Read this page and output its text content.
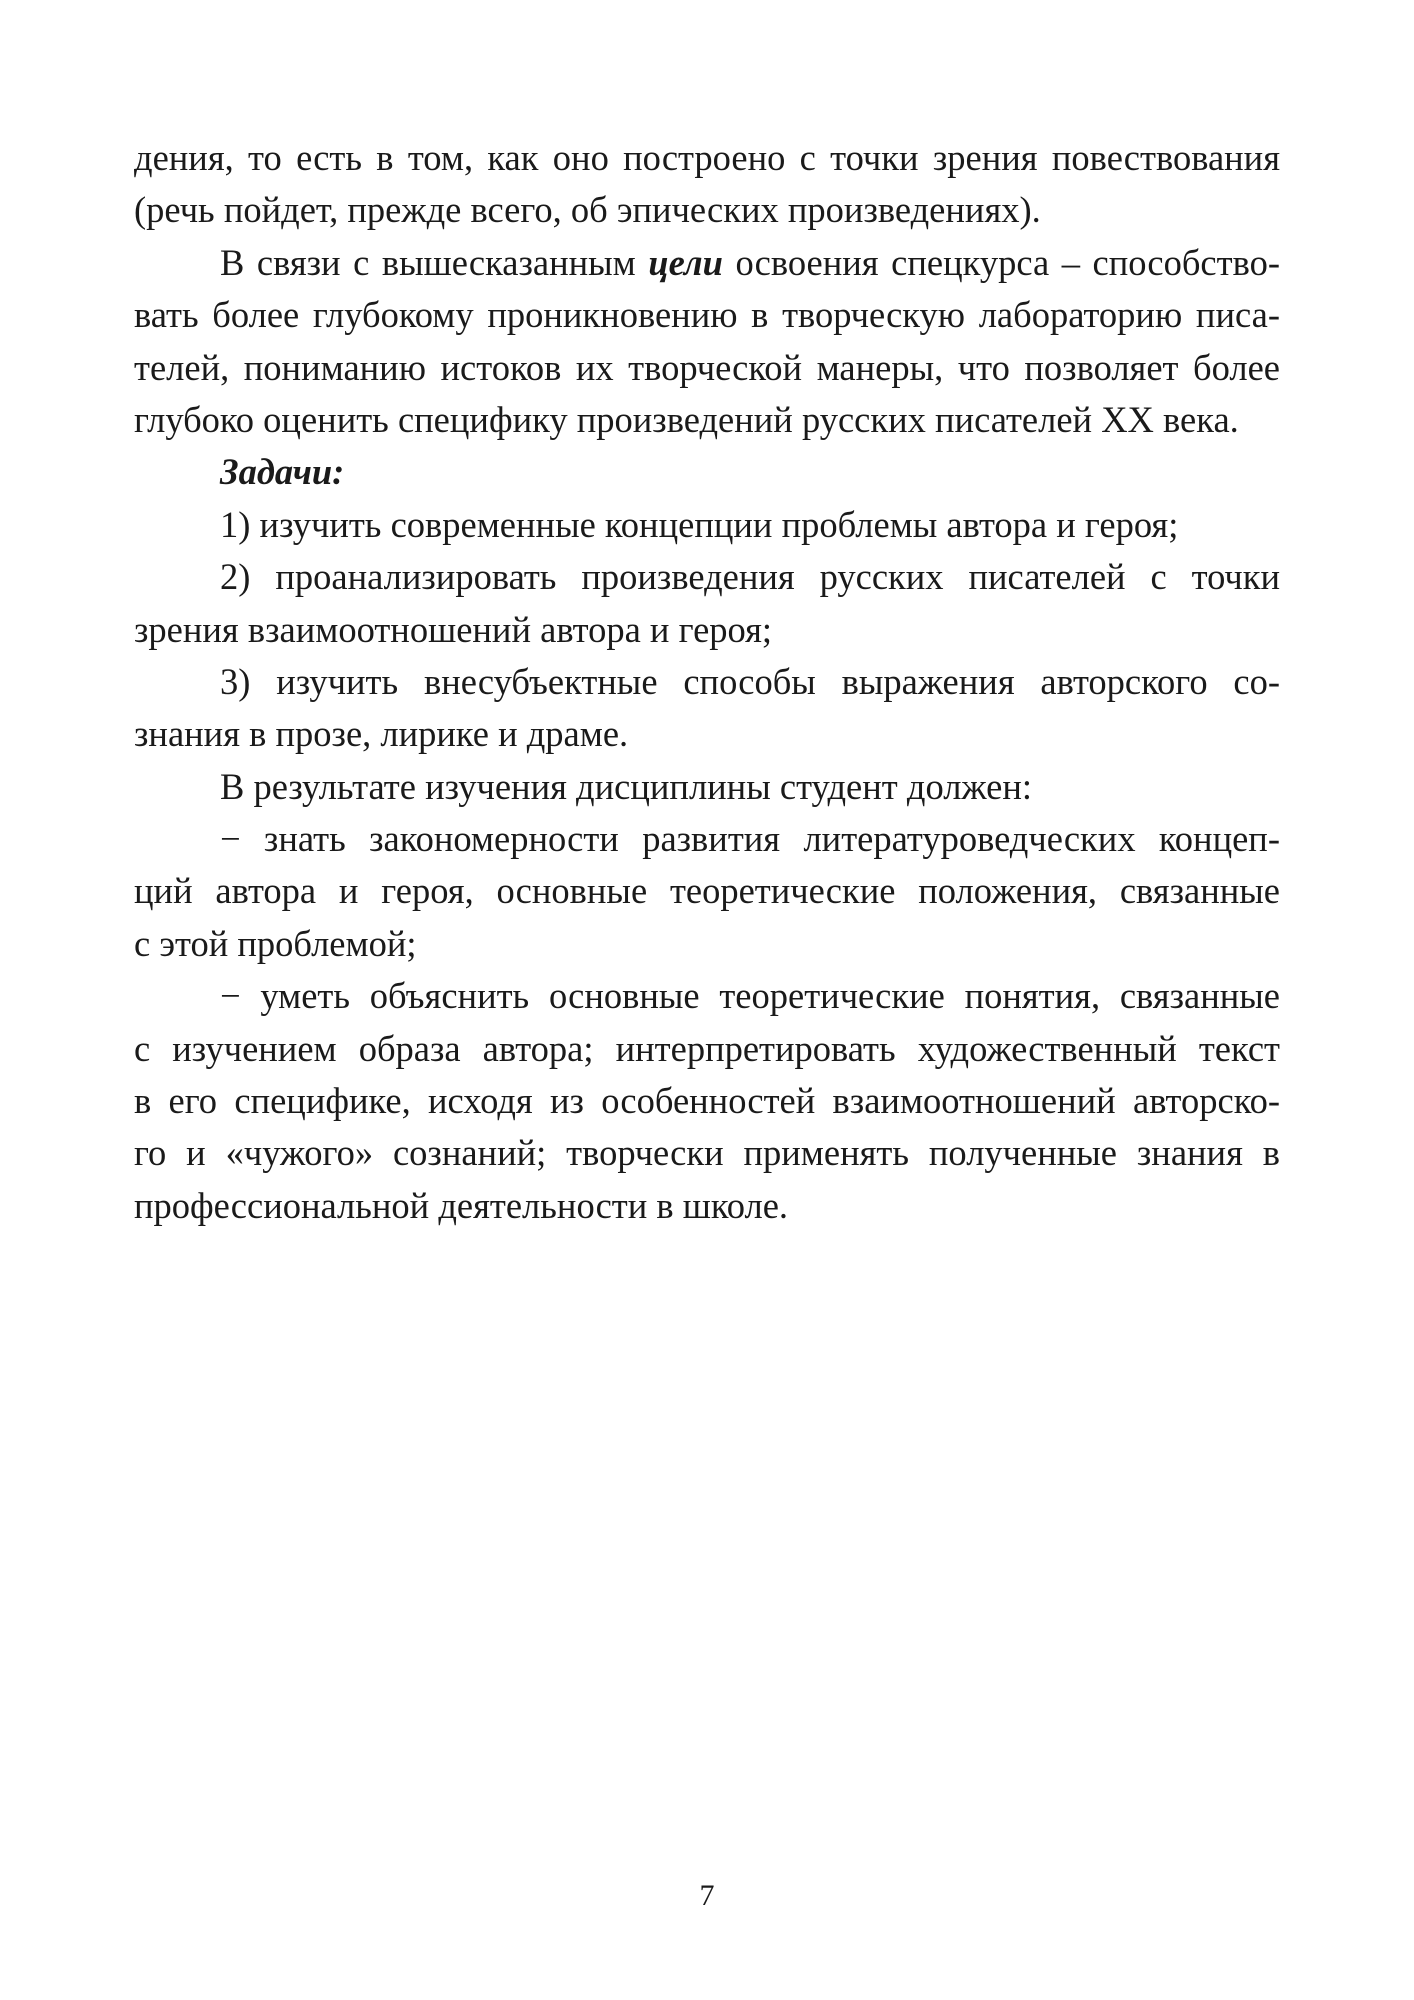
дения, то есть в том, как оно построено с точки зрения повествования
(речь пойдет, прежде всего, об эпических произведениях).
В связи с вышесказанным цели освоения спецкурса – способство-
вать более глубокому проникновению в творческую лабораторию писа-
телей, пониманию истоков их творческой манеры, что позволяет более
глубоко оценить специфику произведений русских писателей XX века.
Задачи:
1) изучить современные концепции проблемы автора и героя;
2) проанализировать произведения русских писателей с точки
зрения взаимоотношений автора и героя;
3) изучить внесубъектные способы выражения авторского со-
знания в прозе, лирике и драме.
В результате изучения дисциплины студент должен:
− знать закономерности развития литературоведческих концеп-
ций автора и героя, основные теоретические положения, связанные
с этой проблемой;
− уметь объяснить основные теоретические понятия, связанные
с изучением образа автора; интерпретировать художественный текст
в его специфике, исходя из особенностей взаимоотношений авторско-
го и «чужого» сознаний; творчески применять полученные знания в
профессиональной деятельности в школе.
7
